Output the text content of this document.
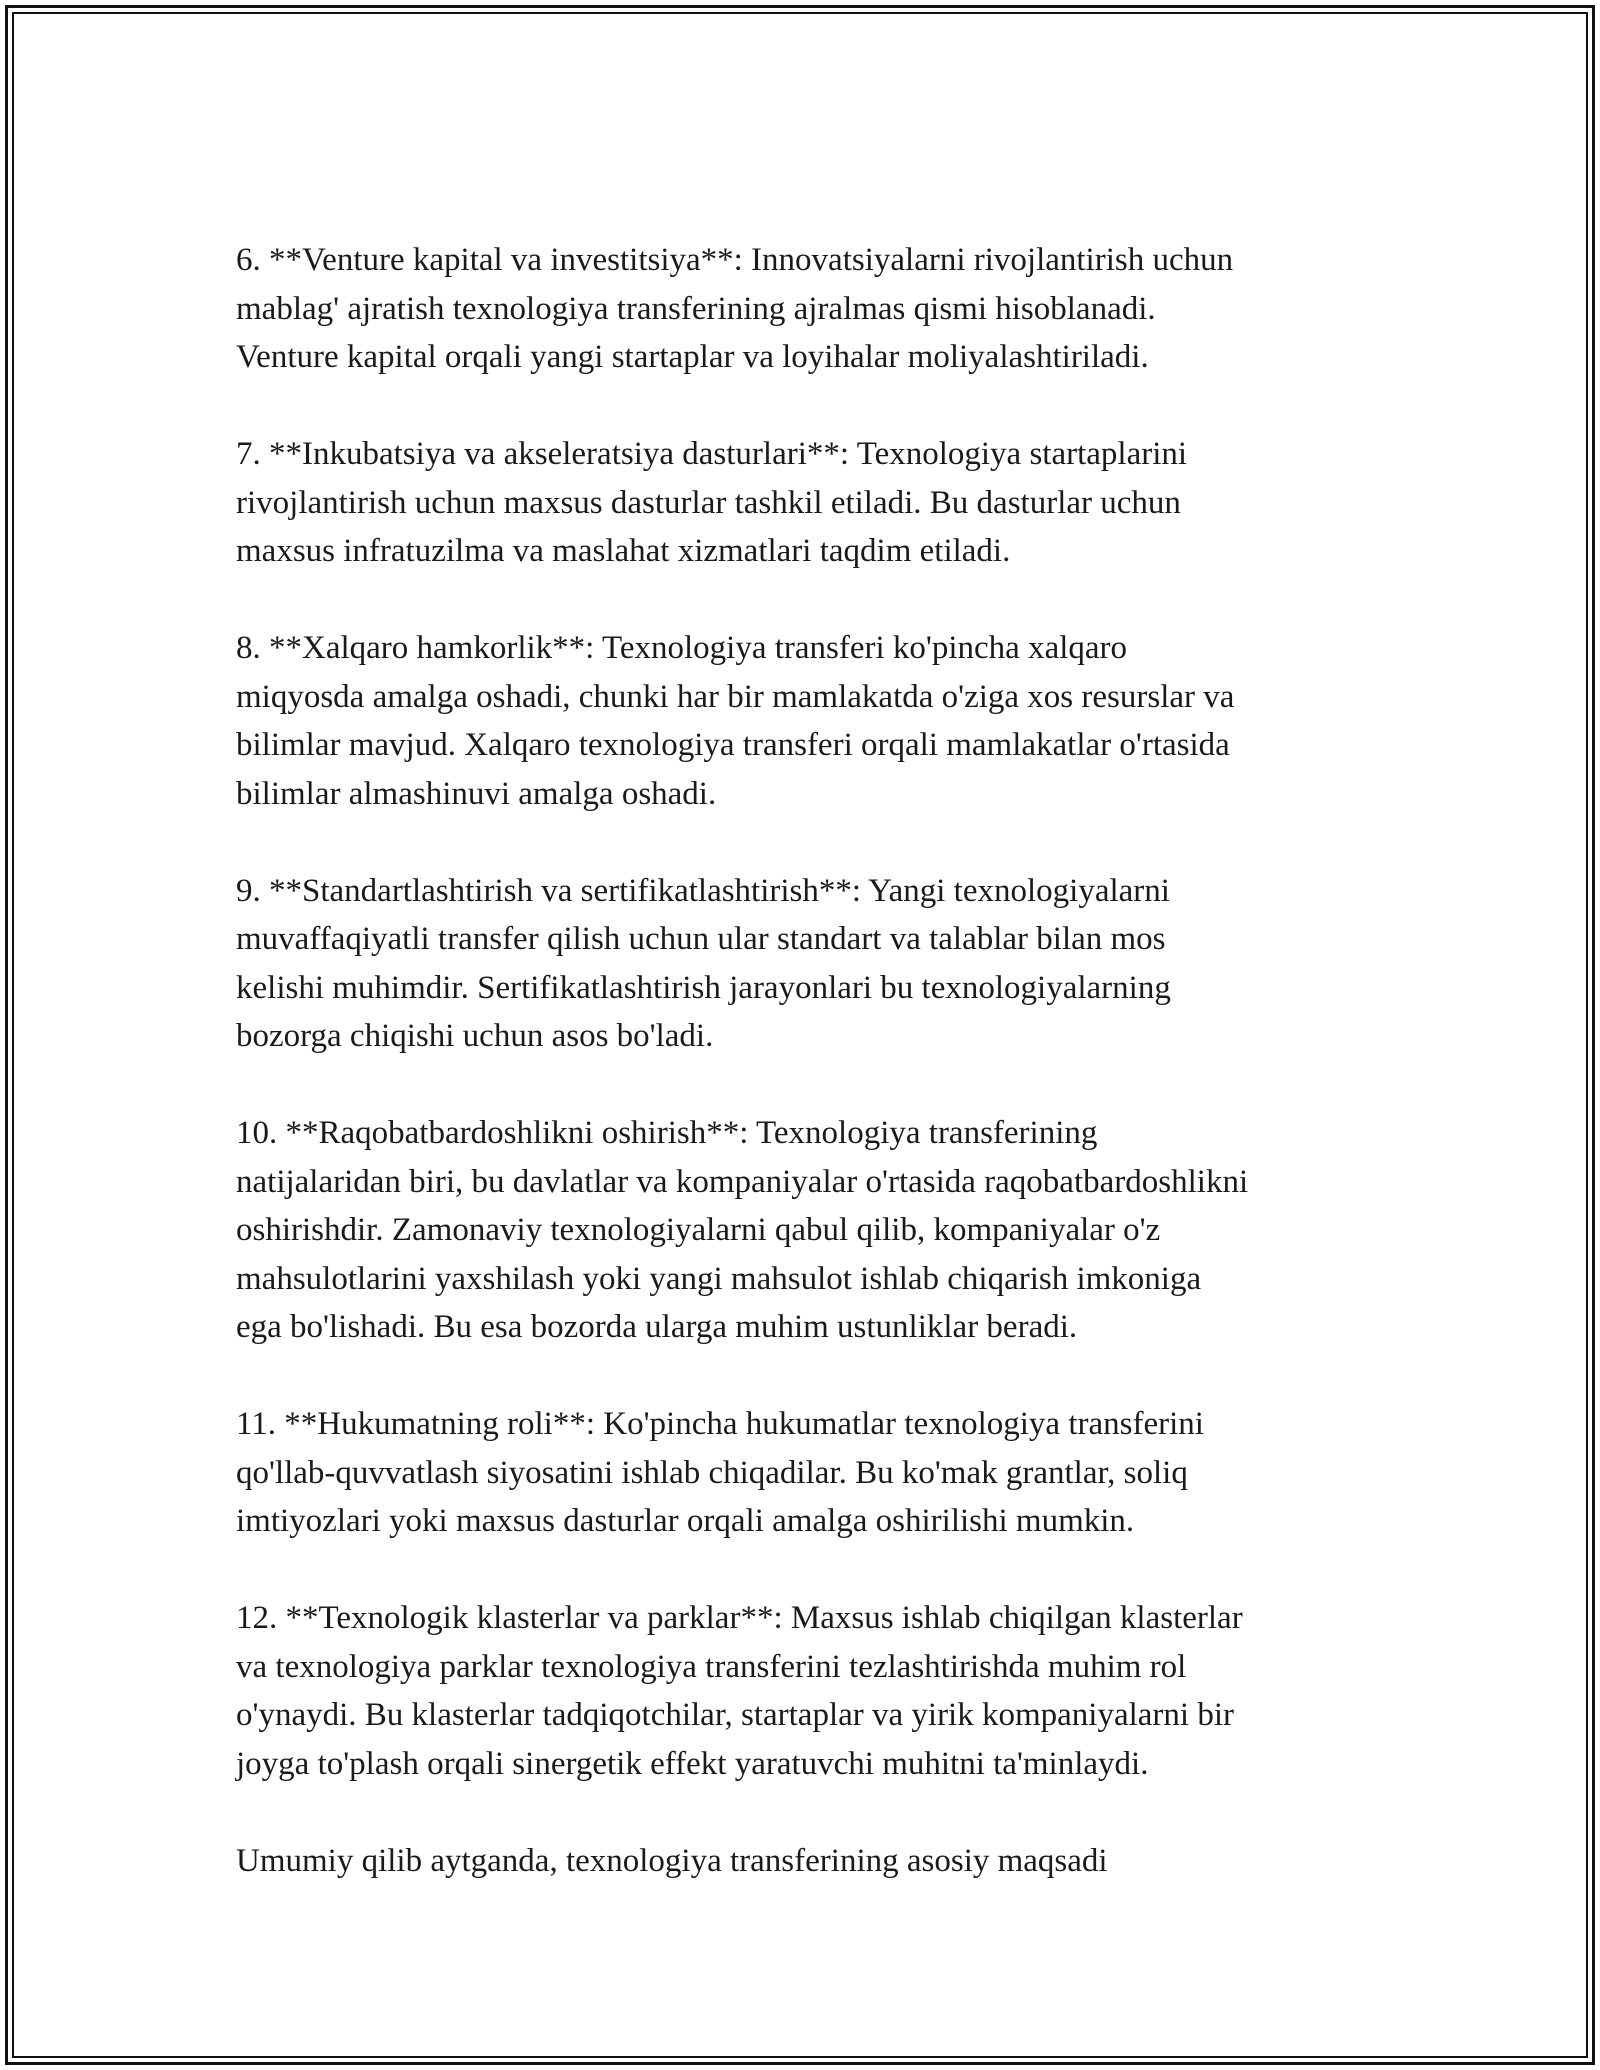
6. **Venture kapital va investitsiya**: Innovatsiyalarni rivojlantirish uchun
mablag' ajratish texnologiya transferining ajralmas qismi hisoblanadi.
Venture kapital orqali yangi startaplar va loyihalar moliyalashtiriladi.

7. **Inkubatsiya va akseleratsiya dasturlari**: Texnologiya startaplarini
rivojlantirish uchun maxsus dasturlar tashkil etiladi. Bu dasturlar uchun
maxsus infratuzilma va maslahat xizmatlari taqdim etiladi.

8. **Xalqaro hamkorlik**: Texnologiya transferi ko'pincha xalqaro
miqyosda amalga oshadi, chunki har bir mamlakatda o'ziga xos resurslar va
bilimlar mavjud. Xalqaro texnologiya transferi orqali mamlakatlar o'rtasida
bilimlar almashinuvi amalga oshadi.

9. **Standartlashtirish va sertifikatlashtirish**: Yangi texnologiyalarni
muvaffaqiyatli transfer qilish uchun ular standart va talablar bilan mos
kelishi muhimdir. Sertifikatlashtirish jarayonlari bu texnologiyalarning
bozorga chiqishi uchun asos bo'ladi.

10. **Raqobatbardoshlikni oshirish**: Texnologiya transferining
natijalaridan biri, bu davlatlar va kompaniyalar o'rtasida raqobatbardoshlikni
oshirishdir. Zamonaviy texnologiyalarni qabul qilib, kompaniyalar o'z
mahsulotlarini yaxshilash yoki yangi mahsulot ishlab chiqarish imkoniga
ega bo'lishadi. Bu esa bozorda ularga muhim ustunliklar beradi.

11. **Hukumatning roli**: Ko'pincha hukumatlar texnologiya transferini
qo'llab-quvvatlash siyosatini ishlab chiqadilar. Bu ko'mak grantlar, soliq
imtiyozlari yoki maxsus dasturlar orqali amalga oshirilishi mumkin.

12. **Texnologik klasterlar va parklar**: Maxsus ishlab chiqilgan klasterlar
va texnologiya parklar texnologiya transferini tezlashtirishda muhim rol
o'ynaydi. Bu klasterlar tadqiqotchilar, startaplar va yirik kompaniyalarni bir
joyga to'plash orqali sinergetik effekt yaratuvchi muhitni ta'minlaydi.

Umumiy qilib aytganda, texnologiya transferining asosiy maqsadi
